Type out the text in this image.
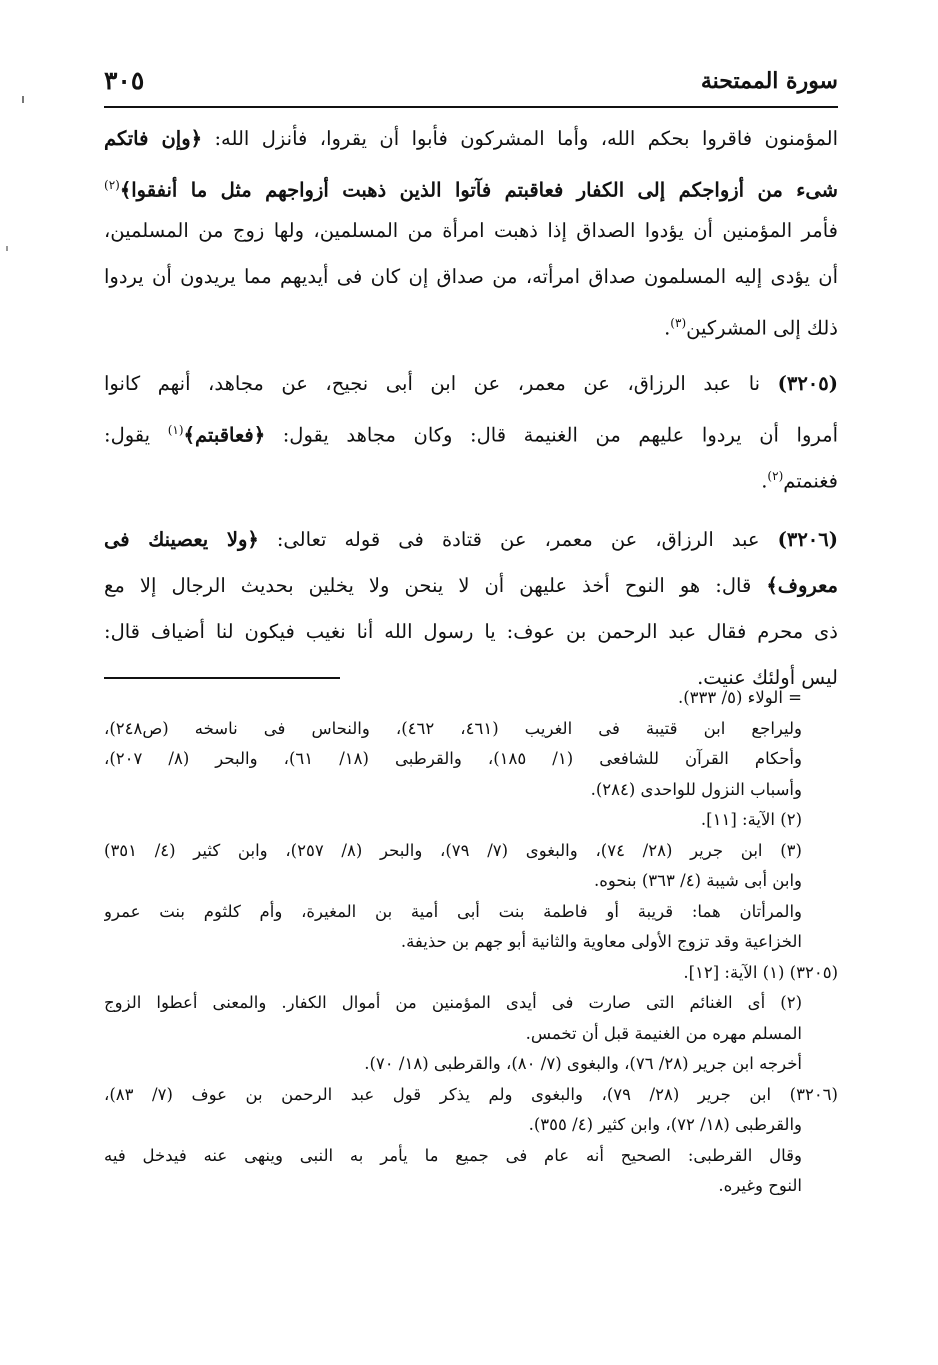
سورة الممتحنة
٣٠٥
المؤمنون فاقروا بحكم الله، وأما المشركون فأبوا أن يقروا، فأنزل الله: ﴿وإن فاتكم
شىء من أزواجكم إلى الكفار فعاقبتم فآتوا الذين ذهبت أزواجهم مثل ما أنفقوا﴾$^{(٢)}$
فأمر المؤمنين أن يؤدوا الصداق إذا ذهبت امرأة من المسلمين، ولها زوج من المسلمين،
أن يؤدى إليه المسلمون صداق امرأته، من صداق إن كان فى أيديهم مما يريدون أن يردوا
ذلك إلى المشركين$^{(٣)}$.
(٣٢٠٥) نا عبد الرزاق، عن معمر، عن ابن أبى نجيح، عن مجاهد، أنهم كانوا
أمروا أن يردوا عليهم من الغنيمة قال: وكان مجاهد يقول: ﴿فعاقبتم﴾$^{(١)}$ يقول:
فغنمتم$^{(٢)}$.
(٣٢٠٦) عبد الرزاق، عن معمر، عن قتادة فى قوله تعالى: ﴿ولا يعصينك فى
معروف﴾ قال: هو النوح أخذ عليهن أن لا ينحن ولا يخلين بحديث الرجال إلا مع
ذى محرم فقال عبد الرحمن بن عوف: يا رسول الله أنا نغيب فيكون لنا أضياف قال:
ليس أولئك عنيت.
= الولاء (٥/ ٣٣٣).
وليراجع ابن قتيبة فى الغريب (٤٦١، ٤٦٢)، والنحاس فى ناسخه (ص٢٤٨)،
وأحكام القرآن للشافعى (١/ ١٨٥)، والقرطبى (١٨/ ٦١)، والبحر (٨/ ٢٠٧)،
وأسباب النزول للواحدى (٢٨٤).
(٢) الآية: [١١].
(٣) ابن جرير (٢٨/ ٧٤)، والبغوى (٧/ ٧٩)، والبحر (٨/ ٢٥٧)، وابن كثير (٤/ ٣٥١)
وابن أبى شيبة (٤/ ٣٦٣) بنحوه.
والمرأتان هما: قريبة أو فاطمة بنت أبى أمية بن المغيرة، وأم كلثوم بنت عمرو
الخزاعية وقد تزوج الأولى معاوية والثانية أبو جهم بن حذيفة.
(٣٢٠٥) (١) الآية: [١٢].
(٢) أى الغنائم التى صارت فى أيدى المؤمنين من أموال الكفار. والمعنى أعطوا الزوج
المسلم مهره من الغنيمة قبل أن تخمس.
أخرجه ابن جرير (٢٨/ ٧٦)، والبغوى (٧/ ٨٠)، والقرطبى (١٨/ ٧٠).
(٣٢٠٦) ابن جرير (٢٨/ ٧٩)، والبغوى ولم يذكر قول عبد الرحمن بن عوف (٧/ ٨٣)،
والقرطبى (١٨/ ٧٢)، وابن كثير (٤/ ٣٥٥).
وقال القرطبى: الصحيح أنه عام فى جميع ما يأمر به النبى وينهى عنه فيدخل فيه
النوح وغيره.
